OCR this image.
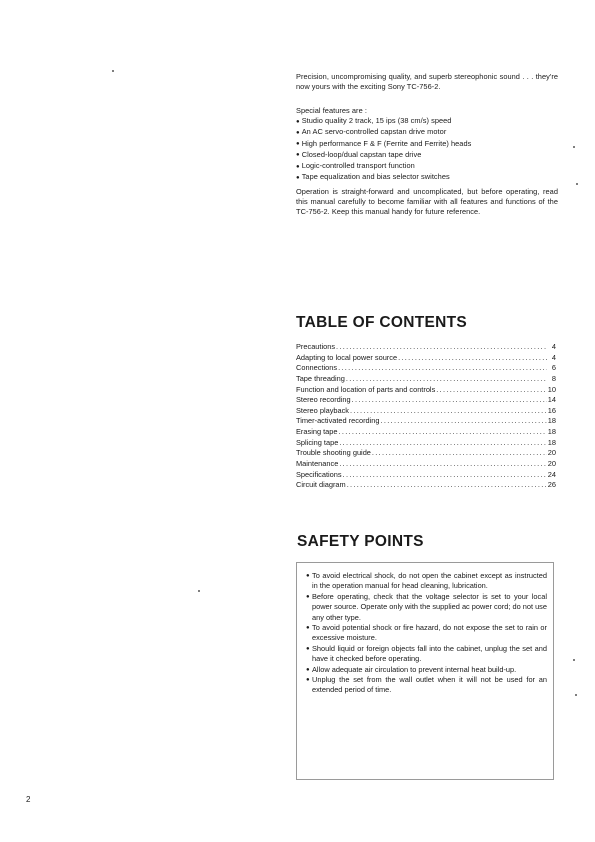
Precision, uncompromising quality, and superb stereophonic sound . . . they're now yours with the exciting Sony TC-756-2.

Special features are :
● Studio quality 2 track, 15 ips (38 cm/s) speed
● An AC servo-controlled capstan drive motor
● High performance F & F (Ferrite and Ferrite) heads
● Closed-loop/dual capstan tape drive
● Logic-controlled transport function
● Tape equalization and bias selector switches

Operation is straight-forward and uncomplicated, but before operating, read this manual carefully to become familiar with all features and functions of the TC-756-2. Keep this manual handy for future reference.

TABLE OF CONTENTS
Precautions .....	4
Adapting to local power source .....	4
Connections .....	6
Tape threading .....	8
Function and location of parts and controls .....	10
Stereo recording .....	14
Stereo playback .....	16
Timer-activated recording .....	18
Erasing tape .....	18
Splicing tape .....	18
Trouble shooting guide .....	20
Maintenance .....	20
Specifications .....	24
Circuit diagram .....	26
SAFETY POINTS
● To avoid electrical shock, do not open the cabinet except as instructed in the operation manual for head cleaning, lubrication.
● Before operating, check that the voltage selector is set to your local power source. Operate only with the supplied ac power cord; do not use any other type.
● To avoid potential shock or fire hazard, do not expose the set to rain or excessive moisture.
● Should liquid or foreign objects fall into the cabinet, unplug the set and have it checked before operating.
● Allow adequate air circulation to prevent internal heat build-up.
● Unplug the set from the wall outlet when it will not be used for an extended period of time.
2
